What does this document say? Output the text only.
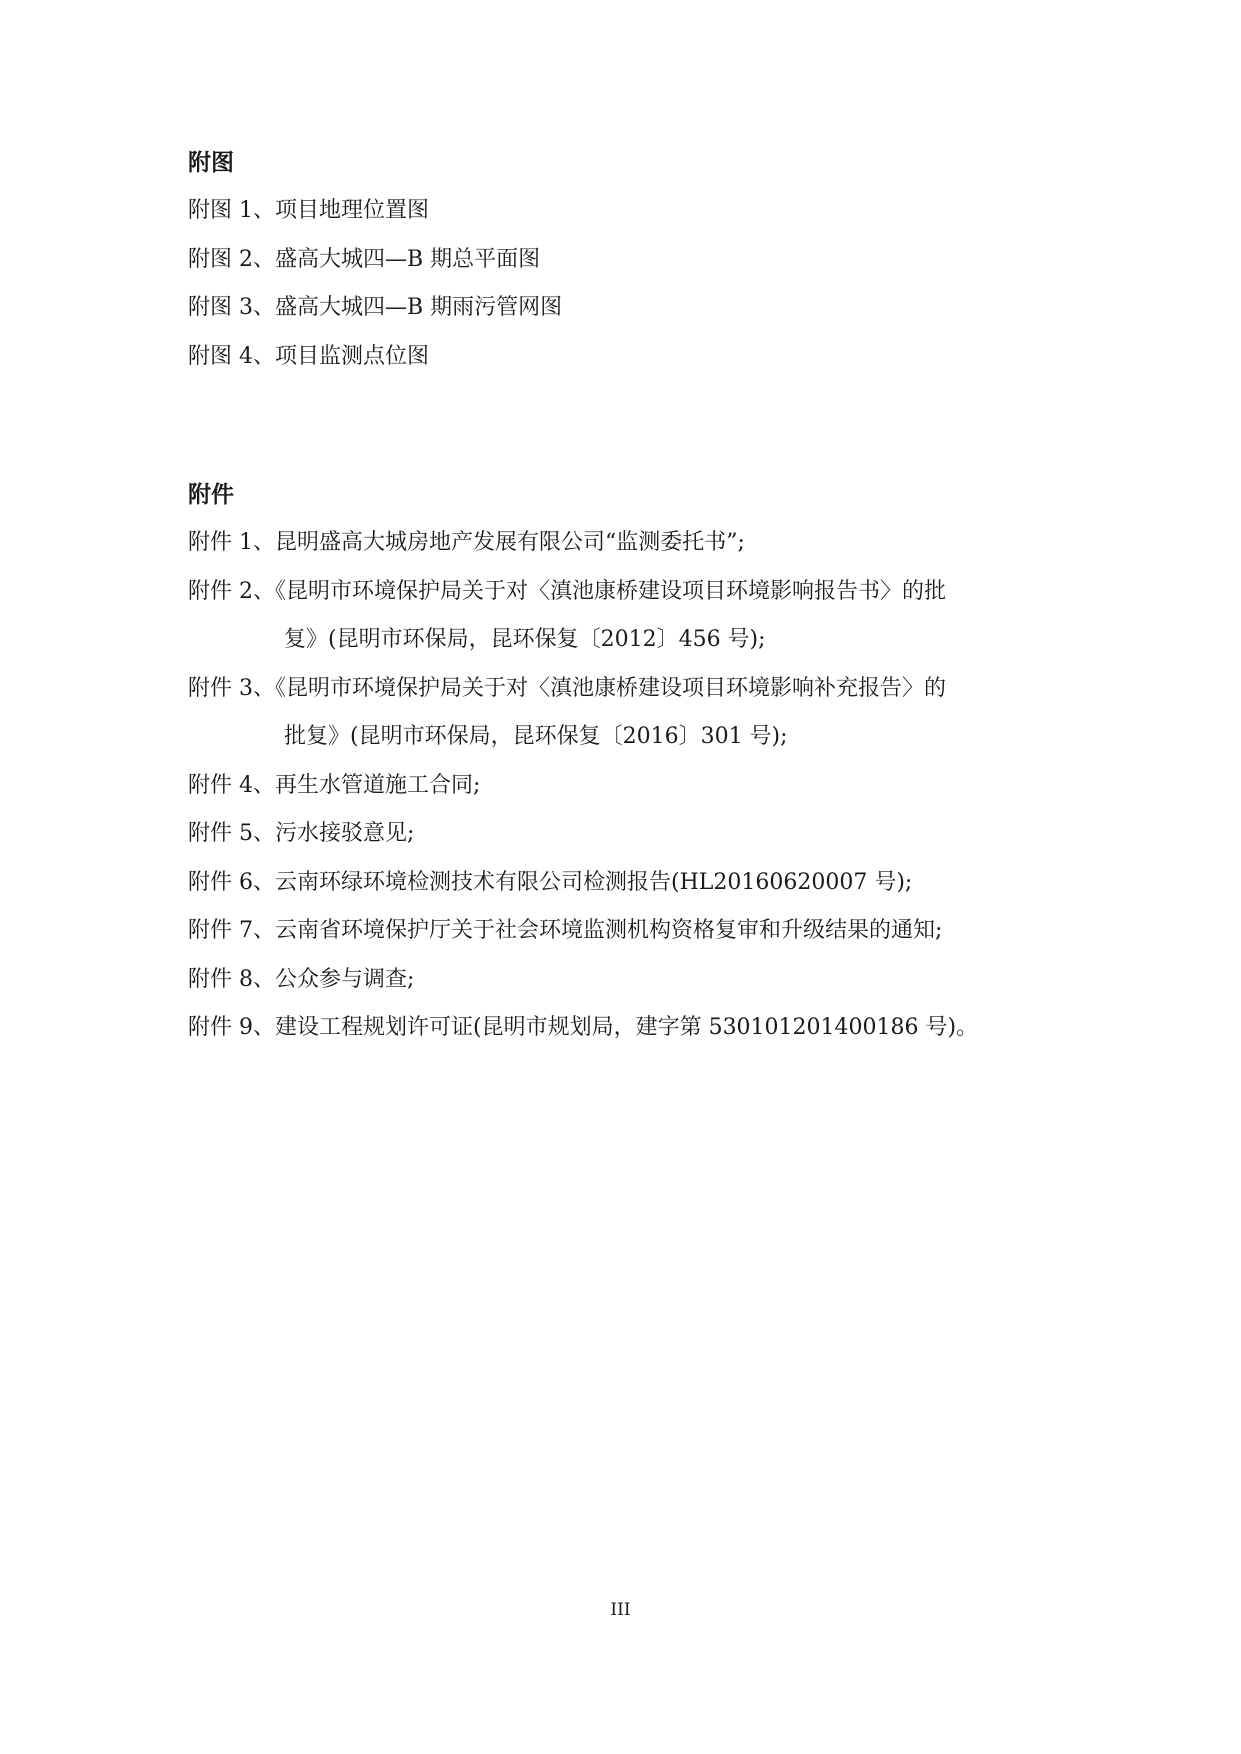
附图
附图 1、项目地理位置图
附图 2、盛高大城四—B 期总平面图
附图 3、盛高大城四—B 期雨污管网图
附图 4、项目监测点位图
附件
附件 1、昆明盛高大城房地产发展有限公司“监测委托书”;
附件 2、《昆明市环境保护局关于对〈滇池康桥建设项目环境影响报告书〉的批
复》(昆明市环保局，昆环保复〔2012〕456 号);
附件 3、《昆明市环境保护局关于对〈滇池康桥建设项目环境影响补充报告〉的
批复》(昆明市环保局，昆环保复〔2016〕301 号);
附件 4、再生水管道施工合同;
附件 5、污水接驳意见;
附件 6、云南环绿环境检测技术有限公司检测报告(HL20160620007 号);
附件 7、云南省环境保护厅关于社会环境监测机构资格复审和升级结果的通知;
附件 8、公众参与调查;
附件 9、建设工程规划许可证(昆明市规划局，建字第 530101201400186 号)。
III
